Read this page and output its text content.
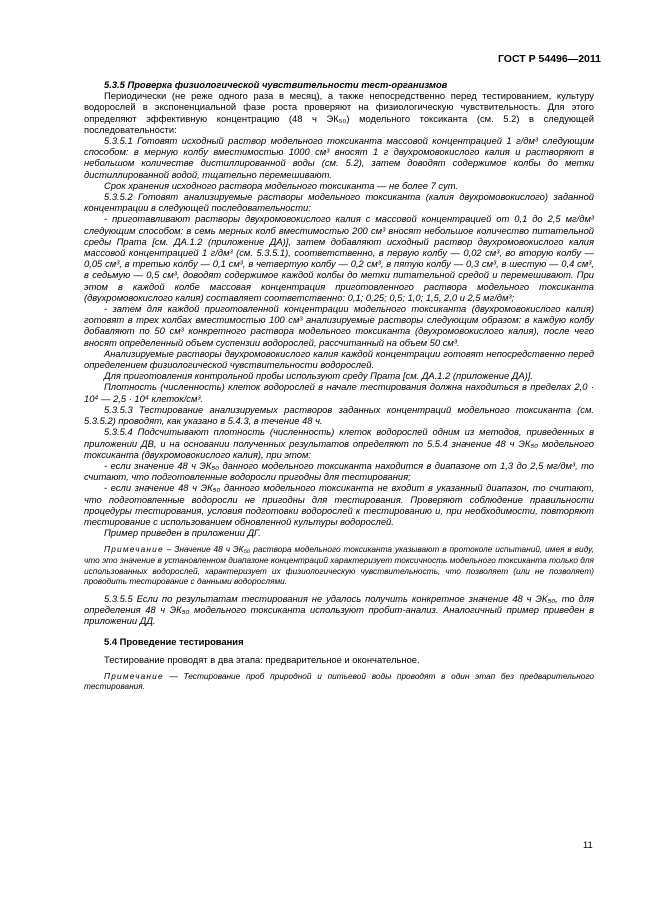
ГОСТ Р 54496—2011

5.3.5 Проверка физиологической чувствительности тест-организмов

Периодически (не реже одного раза в месяц), а также непосредственно перед тестированием, культуру водорослей в экспоненциальной фазе роста проверяют на физиологическую чувствительность. Для этого определяют эффективную концентрацию (48 ч ЭК₅₀) модельного токсиканта (см. 5.2) в следующей последовательности:

5.3.5.1 Готовят исходный раствор модельного токсиканта массовой концентрацией 1 г/дм³ следующим способом: в мерную колбу вместимостью 1000 см³ вносят 1 г двухромовокислого калия и растворяют в небольшом количестве дистиллированной воды (см. 5.2), затем доводят содержимое колбы до метки дистиллированной водой, тщательно перемешивают.

Срок хранения исходного раствора модельного токсиканта — не более 7 сут.

5.3.5.2 Готовят анализируемые растворы модельного токсиканта (калия двухромовокислого) заданной концентрации в следующей последовательности:

- приготавливают растворы двухромовокислого калия с массовой концентрацией от 0,1 до 2,5 мг/дм³ следующим способом: в семь мерных колб вместимостью 200 см³ вносят небольшое количество питательной среды Прата [см. ДА.1.2 (приложение ДА)], затем добавляют исходный раствор двухромовокислого калия массовой концентрацией 1 г/дм³ (см. 5.3.5.1), соответственно, в первую колбу — 0,02 см³, во вторую колбу — 0,05 см³, в третью колбу — 0,1 см³, в четвертую колбу — 0,2 см³, в пятую колбу — 0,3 см³, в шестую — 0,4 см³, в седьмую — 0,5 см³, доводят содержимое каждой колбы до метки питательной средой и перемешивают. При этом в каждой колбе массовая концентрация приготовленного раствора модельного токсиканта (двухромовокислого калия) составляет соответственно: 0,1; 0,25; 0,5; 1,0; 1,5, 2,0 и 2,5 мг/дм³;

- затем для каждой приготовленной концентрации модельного токсиканта (двухромовокислого калия) готовят в трех колбах вместимостью 100 см³ анализируемые растворы следующим образом: в каждую колбу добавляют по 50 см³ конкретного раствора модельного токсиканта (двухромовокислого калия), после чего вносят определенный объем суспензии водорослей, рассчитанный на объем 50 см³.

Анализируемые растворы двухромовокислого калия каждой концентрации готовят непосредственно перед определением физиологической чувствительности водорослей.

Для приготовления контрольной пробы используют среду Прата [см. ДА.1.2 (приложение ДА)].

Плотность (численность) клеток водорослей в начале тестирования должна находиться в пределах 2,0 · 10⁴ — 2,5 · 10⁴ клеток/см³.

5.3.5.3 Тестирование анализируемых растворов заданных концентраций модельного токсиканта (см. 5.3.5.2) проводят, как указано в 5.4.3, в течение 48 ч.

5.3.5.4 Подсчитывают плотность (численность) клеток водорослей одним из методов, приведенных в приложении ДВ, и на основании полученных результатов определяют по 5.5.4 значение 48 ч ЭК₅₀ модельного токсиканта (двухромовокислого калия), при этом:

- если значение 48 ч ЭК₅₀ данного модельного токсиканта находится в диапазоне от 1,3 до 2,5 мг/дм³, то считают, что подготовленные водоросли пригодны для тестирования;

- если значение 48 ч ЭК₅₀ данного модельного токсиканта не входит в указанный диапазон, то считают, что подготовленные водоросли не пригодны для тестирования. Проверяют соблюдение правильности процедуры тестирования, условия подготовки водорослей к тестированию и, при необходимости, повторяют тестирование с использованием обновленной культуры водорослей.

Пример приведен в приложении ДГ.

Примечание – Значение 48 ч ЭК₅₀ раствора модельного токсиканта указывают в протоколе испытаний, имея в виду, что это значение в установленном диапазоне концентраций характеризует токсичность модельного токсиканта только для использованных водорослей, характеризует их физиологическую чувствительность, что позволяет (или не позволяет) проводить тестирование с данными водорослями.

5.3.5.5 Если по результатам тестирования не удалось получить конкретное значение 48 ч ЭК₅₀, то для определения 48 ч ЭК₅₀ модельного токсиканта используют пробит-анализ. Аналогичный пример приведен в приложении ДД.

5.4 Проведение тестирования

Тестирование проводят в два этапа: предварительное и окончательное.

Примечание — Тестирование проб природной и питьевой воды проводят в один этап без предварительного тестирования.

11
